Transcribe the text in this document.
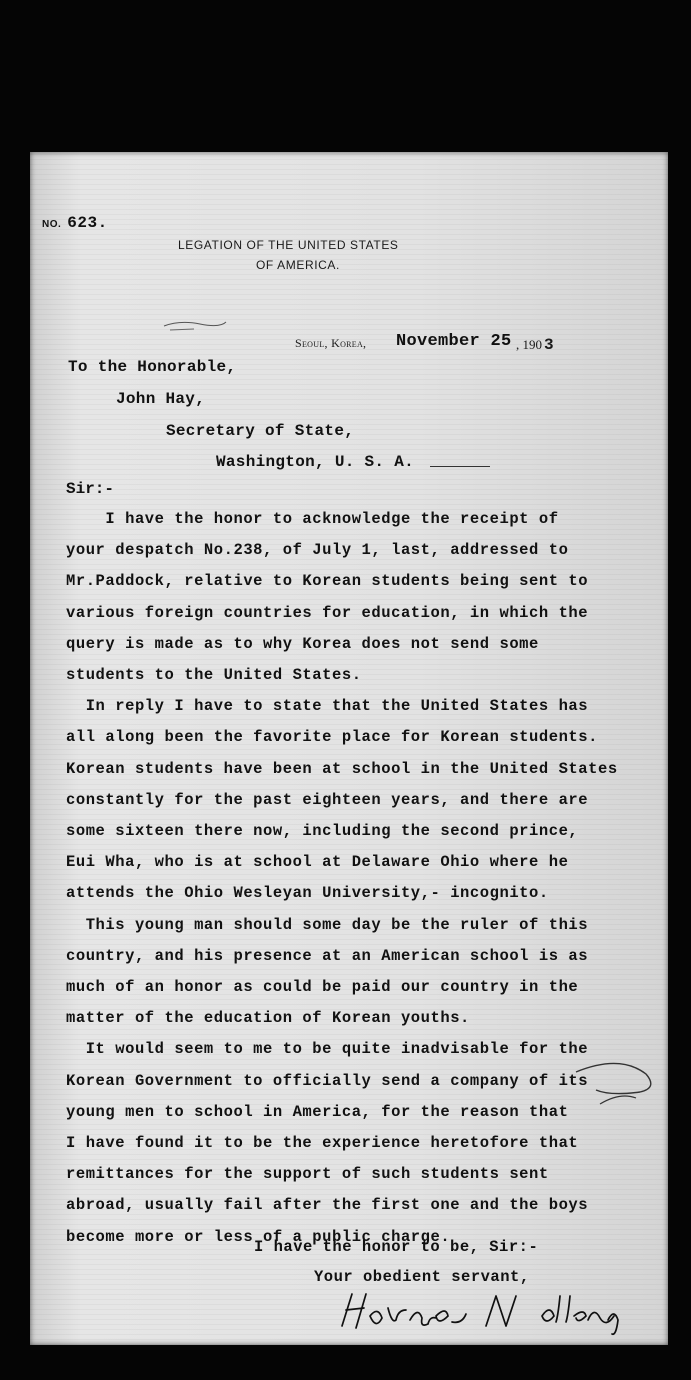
NO. 623.
LEGATION OF THE UNITED STATES
OF AMERICA.
Seoul, Korea, November 25 , 190 3
To the Honorable,
John Hay,
Secretary of State,
Washington, U. S. A.
Sir:-
I have the honor to acknowledge the receipt of
your despatch No.238, of July 1, last, addressed to
Mr.Paddock, relative to Korean students being sent to
various foreign countries for education, in which the
query is made as to why Korea does not send some
students to the United States.
In reply I have to state that the United States has
all along been the favorite place for Korean students.
Korean students have been at school in the United States
constantly for the past eighteen years, and there are
some sixteen there now, including the second prince,
Eui Wha, who is at school at Delaware Ohio where he
attends the Ohio Wesleyan University,- incognito.
This young man should some day be the ruler of this
country, and his presence at an American school is as
much of an honor as could be paid our country in the
matter of the education of Korean youths.
It would seem to me to be quite inadvisable for the
Korean Government to officially send a company of its
young men to school in America, for the reason that
I have found it to be the experience heretofore that
remittances for the support of such students sent
abroad, usually fail after the first one and the boys
become more or less of a public charge.
I have the honor to be, Sir:-
Your obedient servant,
